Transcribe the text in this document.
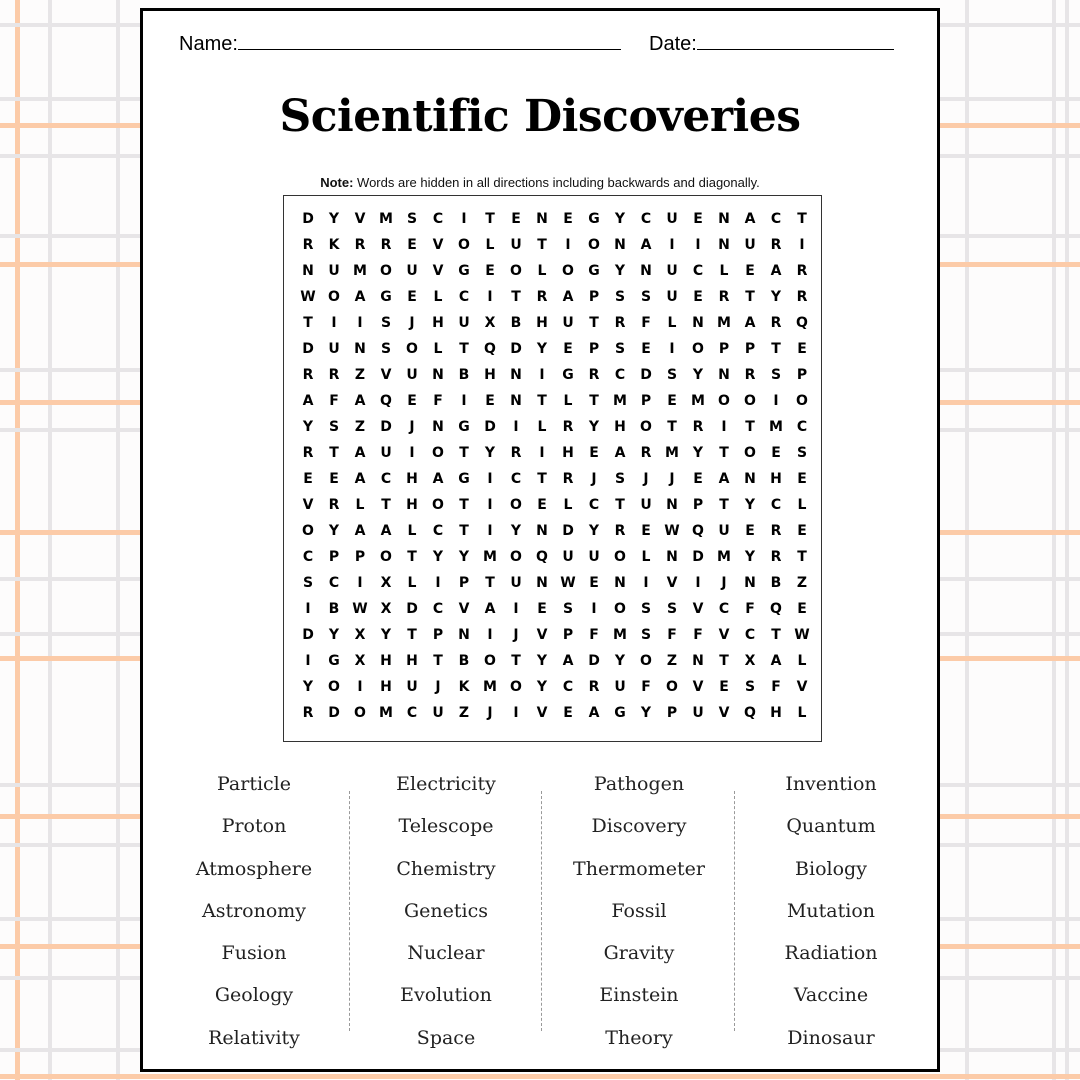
Name:	Date:
Scientific Discoveries
Note: Words are hidden in all directions including backwards and diagonally.
D	Y	V M S	C	I	T	E	N	E	G	Y	C	U	E	N	A	C	T
R	K	R	R	E	V	O	L	U	T	I	O	N	A	I	I	N	U	R	I
N	U M O	U	V	G	E	O	L	O	G	Y	N	U	C	L	E	A	R
W O	A	G	E	L	C	I	T	R	A	P	S	S	U	E	R	T	Y	R
T	I	I	S	J	H	U	X	B	H	U	T	R	F	L	N M A	R	Q
D	U	N	S	O	L	T	Q	D	Y	E	P	S	E	I	O	P	P	T	E
R	R	Z	V	U	N	B	H	N	I	G	R	C	D	S	Y	N	R	S	P
A	F	A	Q	E	F	I	E	N	T	L	T	M P	E	M O	O	I	O
Y	S	Z	D	J	N	G	D	I	L	R	Y	H	O	T	R	I	T	M C
R	T	A	U	I	O	T	Y	R	I	H	E	A	R M Y	T	O	E	S
E	E	A	C	H	A	G	I	C	T	R	J	S	J	J	E	A	N	H	E
V	R	L	T	H	O	T	I	O	E	L	C	T	U	N	P	T	Y	C	L
O	Y	A	A	L	C	T	I	Y	N	D	Y	R	E W Q	U	E	R	E
C	P	P	O	T	Y	Y M O	Q	U	U	O	L	N	D M Y	R	T
S	C	I	X	L	I	P	T	U	N W E	N	I	V	I	J	N	B	Z
I	B W X	D	C	V	A	I	E	S	I	O	S	S	V	C	F	Q	E
D	Y	X	Y	T	P	N	I	J	V	P	F	M S	F	F	V	C	T W
I	G	X	H	H	T	B	O	T	Y	A	D	Y	O	Z	N	T	X	A	L
Y	O	I	H	U	J	K M O	Y	C	R	U	F	O	V	E	S	F	V
R	D	O M C	U	Z	J	I	V	E	A	G	Y	P	U	V	Q	H	L
Particle
Proton
Atmosphere
Astronomy
Fusion
Geology
Relativity
Electricity
Telescope
Chemistry
Genetics
Nuclear
Evolution
Space
Pathogen
Discovery
Thermometer
Fossil
Gravity
Einstein
Theory
Invention
Quantum
Biology
Mutation
Radiation
Vaccine
Dinosaur
